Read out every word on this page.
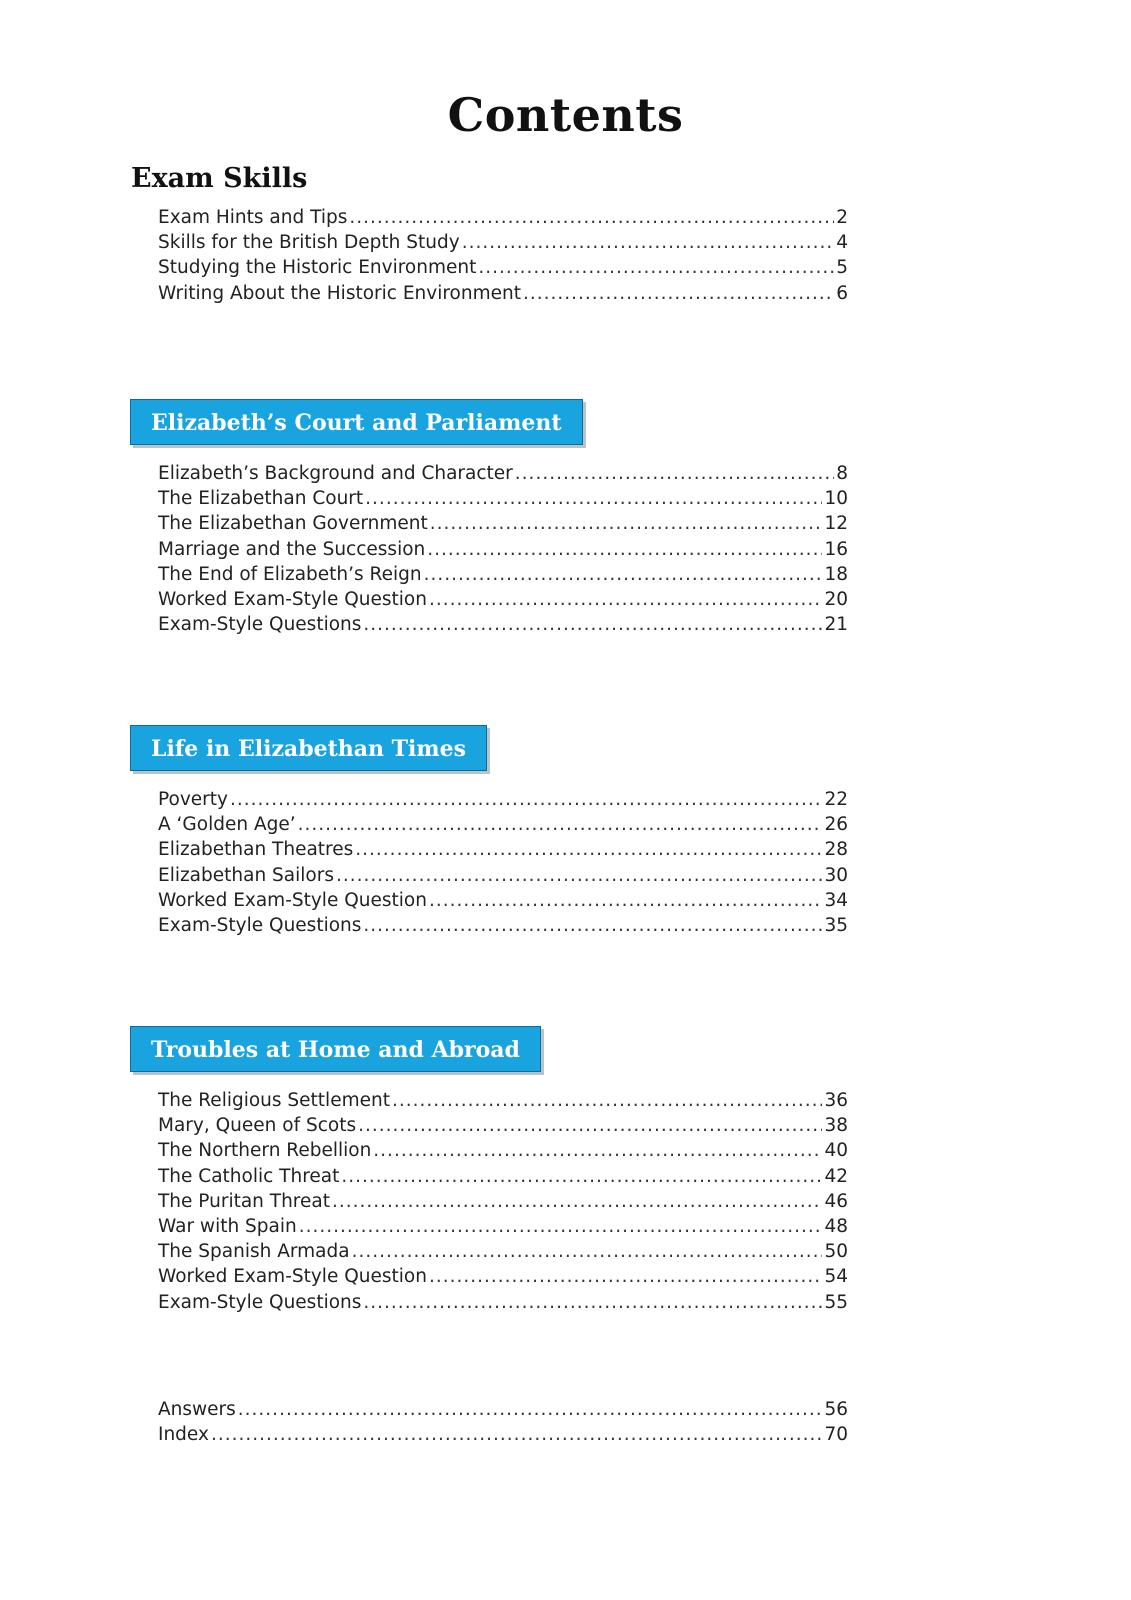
Contents
Exam Skills
Exam Hints and Tips .....	2
Skills for the British Depth Study .....	4
Studying the Historic Environment .....	5
Writing About the Historic Environment .....	6
Elizabeth’s Court and Parliament
Elizabeth’s Background and Character .....	8
The Elizabethan Court .....	10
The Elizabethan Government .....	12
Marriage and the Succession .....	16
The End of Elizabeth’s Reign .....	18
Worked Exam-Style Question .....	20
Exam-Style Questions .....	21
Life in Elizabethan Times
Poverty .....	22
A ‘Golden Age’ .....	26
Elizabethan Theatres .....	28
Elizabethan Sailors .....	30
Worked Exam-Style Question .....	34
Exam-Style Questions .....	35
Troubles at Home and Abroad
The Religious Settlement .....	36
Mary, Queen of Scots .....	38
The Northern Rebellion .....	40
The Catholic Threat .....	42
The Puritan Threat .....	46
War with Spain .....	48
The Spanish Armada .....	50
Worked Exam-Style Question .....	54
Exam-Style Questions .....	55
Answers .....	56
Index .....	70
